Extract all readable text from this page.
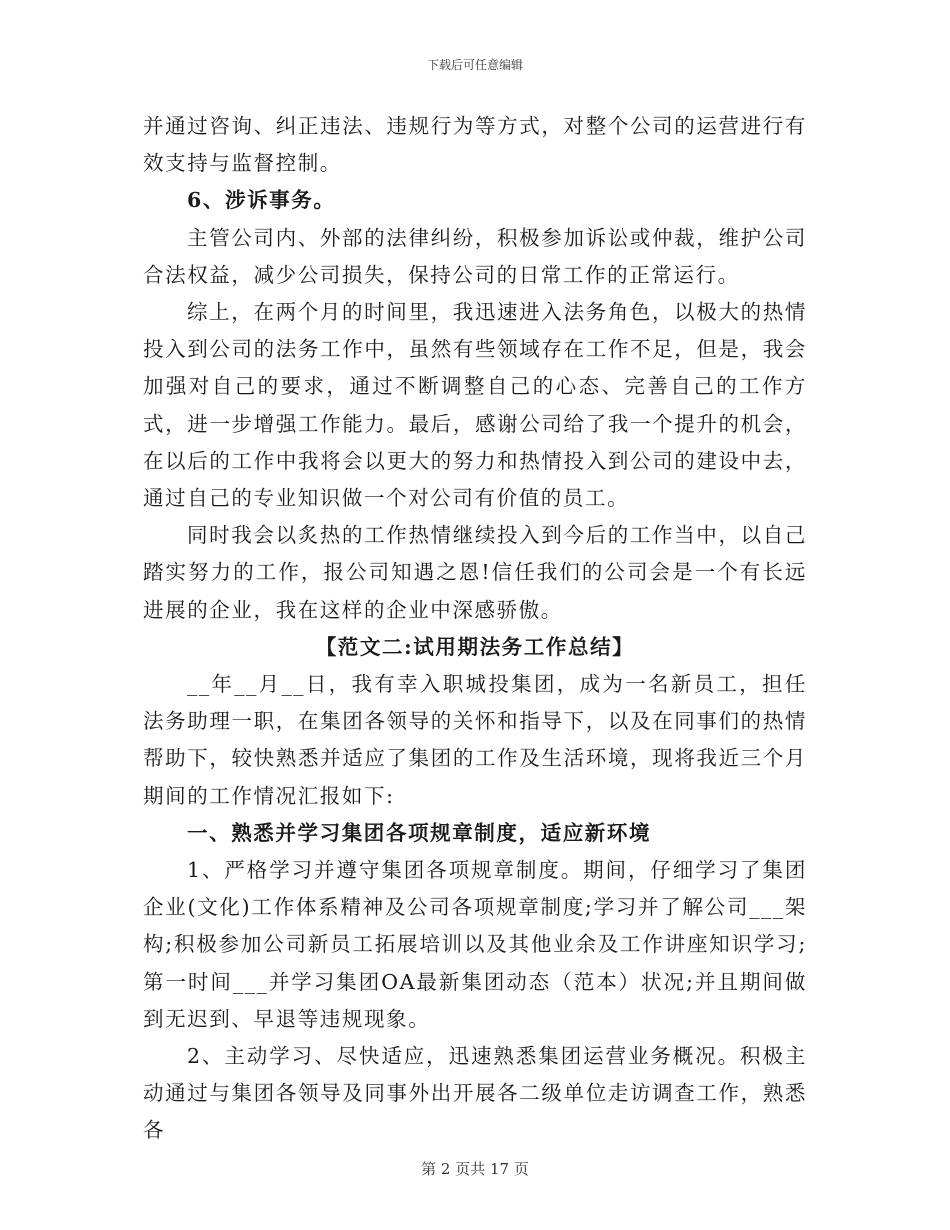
下载后可任意编辑

并通过咨询、纠正违法、违规行为等方式，对整个公司的运营进行有效支持与监督控制。

6、涉诉事务。

主管公司内、外部的法律纠纷，积极参加诉讼或仲裁，维护公司合法权益，减少公司损失，保持公司的日常工作的正常运行。

综上，在两个月的时间里，我迅速进入法务角色，以极大的热情投入到公司的法务工作中，虽然有些领域存在工作不足，但是，我会加强对自己的要求，通过不断调整自己的心态、完善自己的工作方式，进一步增强工作能力。最后，感谢公司给了我一个提升的机会，在以后的工作中我将会以更大的努力和热情投入到公司的建设中去，通过自己的专业知识做一个对公司有价值的员工。

同时我会以炙热的工作热情继续投入到今后的工作当中，以自己踏实努力的工作，报公司知遇之恩!信任我们的公司会是一个有长远进展的企业，我在这样的企业中深感骄傲。

【范文二:试用期法务工作总结】

__年__月__日，我有幸入职城投集团，成为一名新员工，担任法务助理一职，在集团各领导的关怀和指导下，以及在同事们的热情帮助下，较快熟悉并适应了集团的工作及生活环境，现将我近三个月期间的工作情况汇报如下:

一、熟悉并学习集团各项规章制度，适应新环境

1、严格学习并遵守集团各项规章制度。期间，仔细学习了集团企业(文化)工作体系精神及公司各项规章制度;学习并了解公司___架构;积极参加公司新员工拓展培训以及其他业余及工作讲座知识学习;第一时间___并学习集团OA最新集团动态（范本）状况;并且期间做到无迟到、早退等违规现象。

2、主动学习、尽快适应，迅速熟悉集团运营业务概况。积极主动通过与集团各领导及同事外出开展各二级单位走访调查工作，熟悉各

第 2 页共 17 页
